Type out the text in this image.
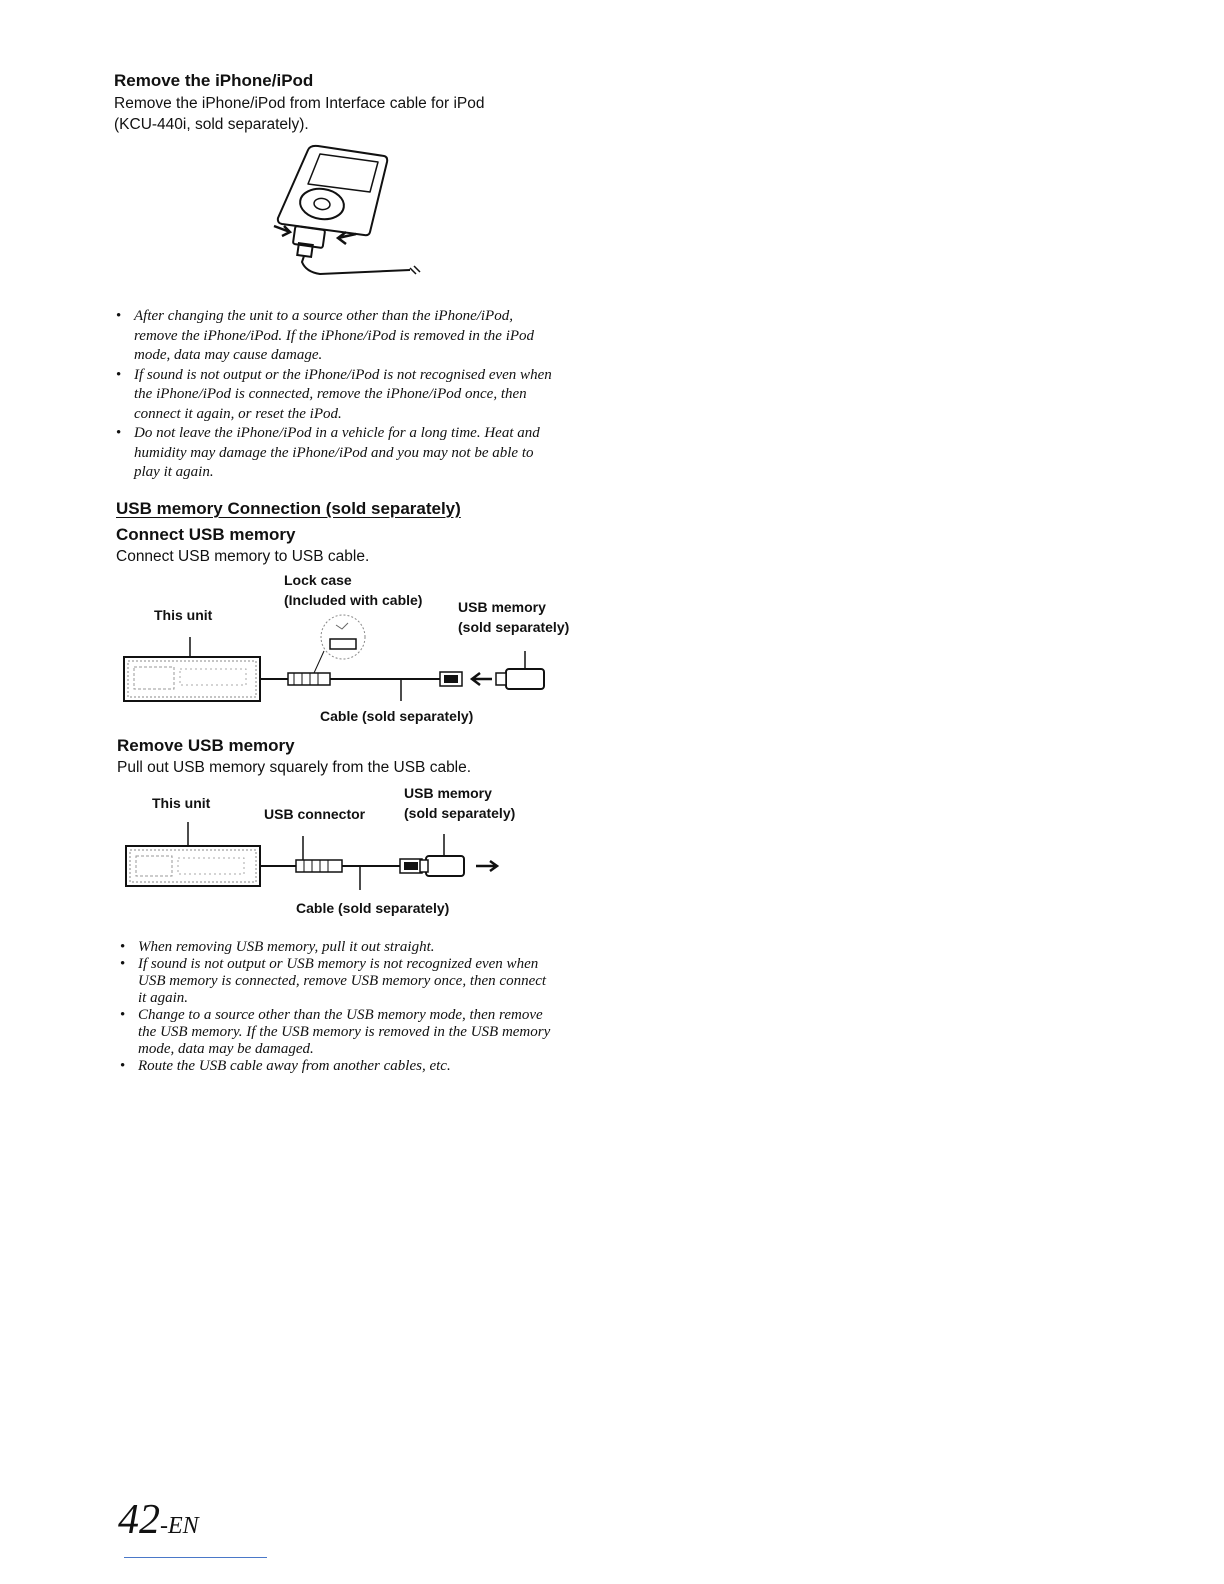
Remove the iPhone/iPod
Remove the iPhone/iPod from Interface cable for iPod
(KCU-440i, sold separately).
• After changing the unit to a source other than the iPhone/iPod,
remove the iPhone/iPod. If the iPhone/iPod is removed in the iPod
mode, data may cause damage.
• If sound is not output or the iPhone/iPod is not recognised even when
the iPhone/iPod is connected, remove the iPhone/iPod once, then
connect it again, or reset the iPod.
• Do not leave the iPhone/iPod in a vehicle for a long time. Heat and
humidity may damage the iPhone/iPod and you may not be able to
play it again.
USB memory Connection (sold separately)
Connect USB memory
Connect USB memory to USB cable.
Lock case
(Included with cable)
This unit	USB memory
(sold separately)
Cable (sold separately)
Remove USB memory
Pull out USB memory squarely from the USB cable.
This unit
USB connector
USB memory
(sold separately)
Cable (sold separately)
• When removing USB memory, pull it out straight.
• If sound is not output or USB memory is not recognized even when
USB memory is connected, remove USB memory once, then connect
it again.
• Change to a source other than the USB memory mode, then remove
the USB memory. If the USB memory is removed in the USB memory
mode, data may be damaged.
• Route the USB cable away from another cables, etc.
42-EN
